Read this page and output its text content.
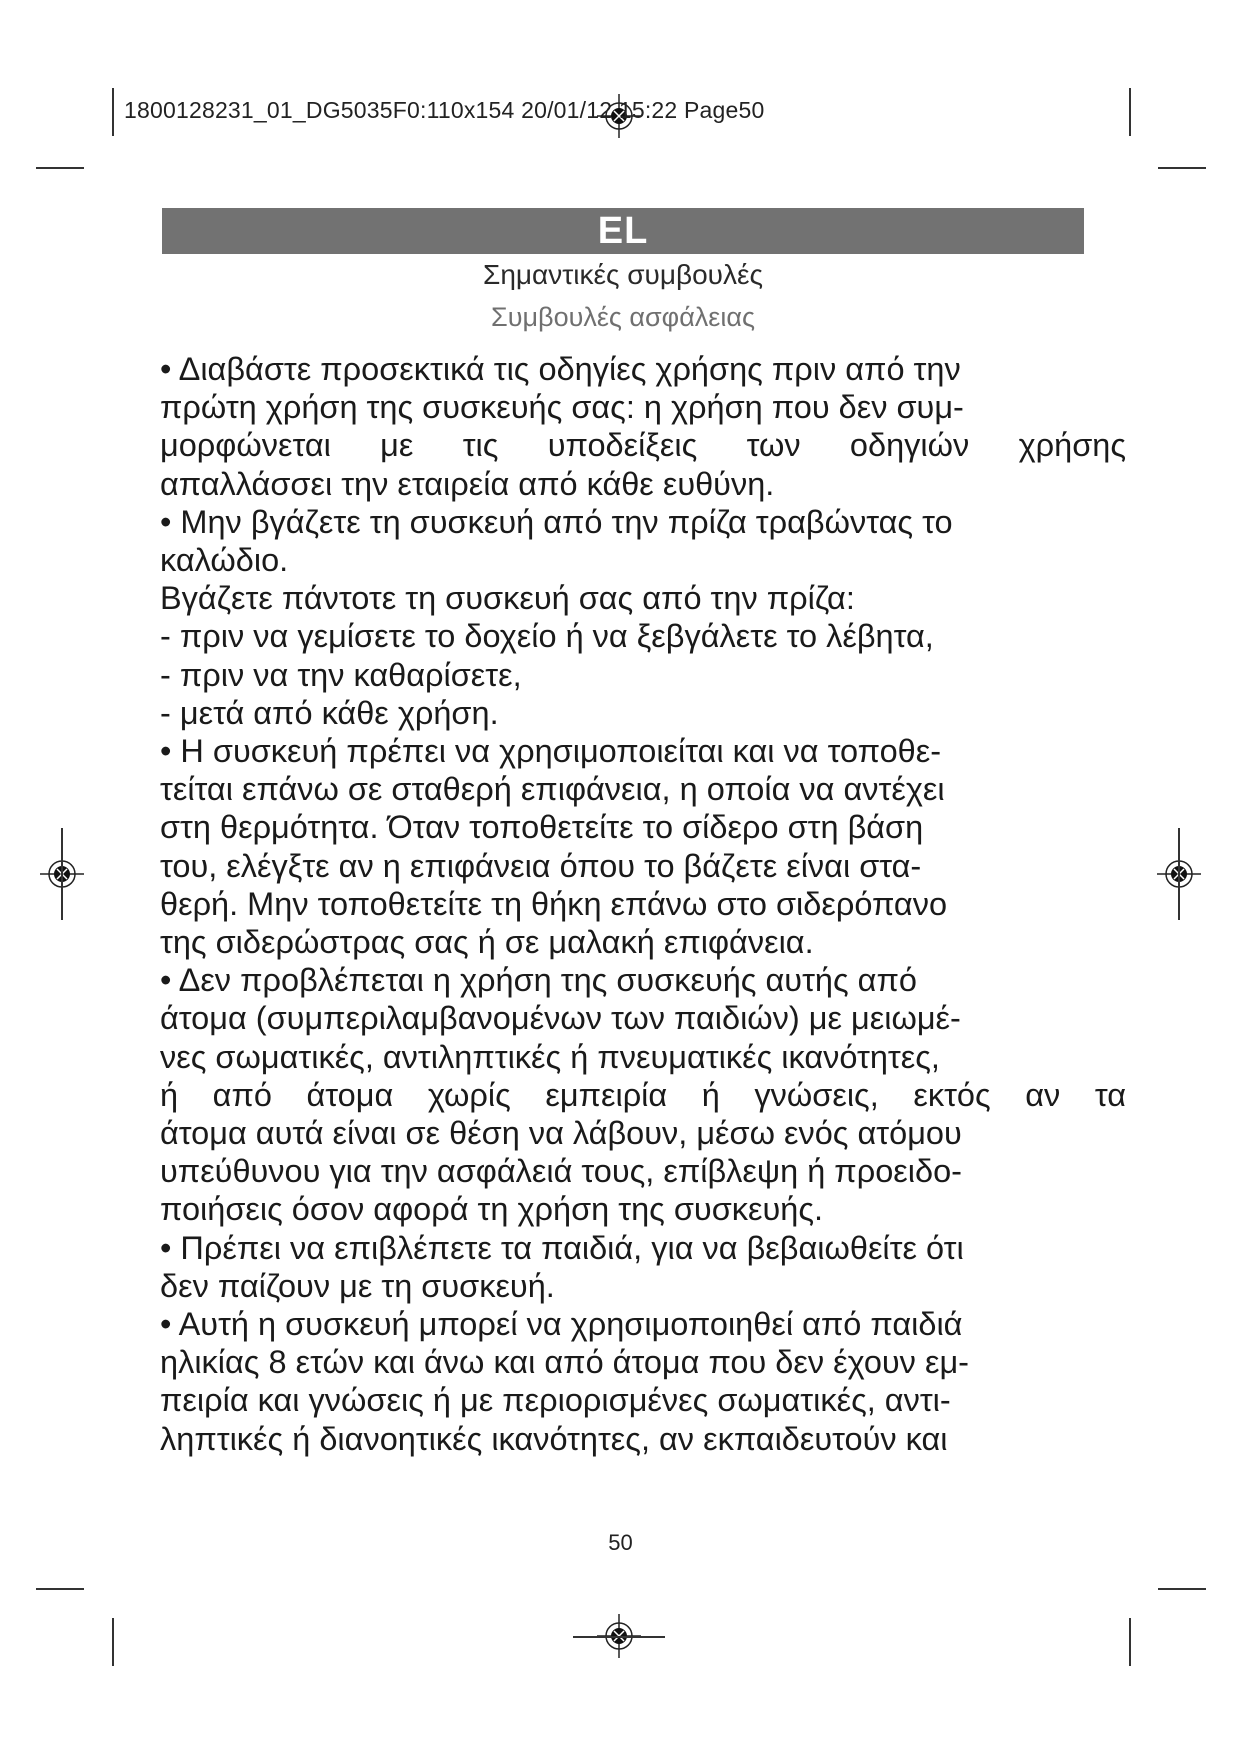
1800128231_01_DG5035F0:110x154 20/01/12 15:22 Page50
EL
Σημαντικές συμβουλές
Συμβουλές ασφάλειας
• Διαβάστε προσεκτικά τις οδηγίες χρήσης πριν από την
πρώτη χρήση της συσκευής σας: η χρήση που δεν συμ-
μορφώνεται με τις υποδείξεις των οδηγιών χρήσης
απαλλάσσει την εταιρεία από κάθε ευθύνη.
• Μην βγάζετε τη συσκευή από την πρίζα τραβώντας το
καλώδιο.
Βγάζετε πάντοτε τη συσκευή σας από την πρίζα:
- πριν να γεμίσετε το δοχείο ή να ξεβγάλετε το λέβητα,
- πριν να την καθαρίσετε,
- μετά από κάθε χρήση.
• Η συσκευή πρέπει να χρησιμοποιείται και να τοποθε-
τείται επάνω σε σταθερή επιφάνεια, η οποία να αντέχει
στη θερμότητα. Όταν τοποθετείτε το σίδερο στη βάση
του, ελέγξτε αν η επιφάνεια όπου το βάζετε είναι στα-
θερή. Μην τοποθετείτε τη θήκη επάνω στο σιδερόπανο
της σιδερώστρας σας ή σε μαλακή επιφάνεια.
• Δεν προβλέπεται η χρήση της συσκευής αυτής από
άτομα (συμπεριλαμβανομένων των παιδιών) με μειωμέ-
νες σωματικές, αντιληπτικές ή πνευματικές ικανότητες,
ή από άτομα χωρίς εμπειρία ή γνώσεις, εκτός αν τα
άτομα αυτά είναι σε θέση να λάβουν, μέσω ενός ατόμου
υπεύθυνου για την ασφάλειά τους, επίβλεψη ή προειδο-
ποιήσεις όσον αφορά τη χρήση της συσκευής.
• Πρέπει να επιβλέπετε τα παιδιά, για να βεβαιωθείτε ότι
δεν παίζουν με τη συσκευή.
• Αυτή η συσκευή μπορεί να χρησιμοποιηθεί από παιδιά
ηλικίας 8 ετών και άνω και από άτομα που δεν έχουν εμ-
πειρία και γνώσεις ή με περιορισμένες σωματικές, αντι-
ληπτικές ή διανοητικές ικανότητες, αν εκπαιδευτούν και
50
